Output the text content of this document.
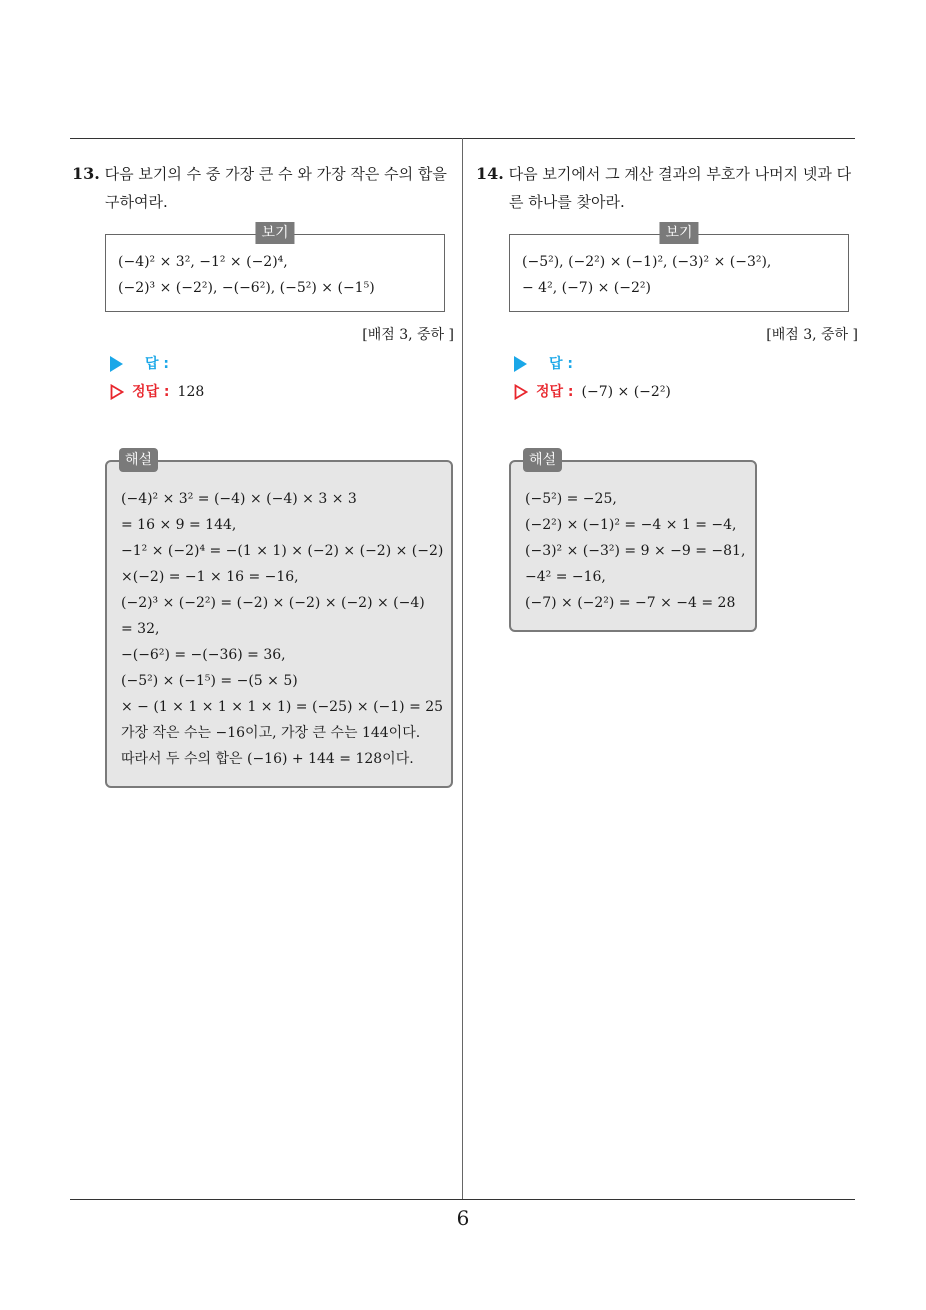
6
13. 다음 보기의 수 중 가장 큰 수 와 가장 작은 수의 합을
구하여라.
보기
(−4)² × 3², −1² × (−2)⁴,
(−2)³ × (−2²), −(−6²), (−5²) × (−1⁵)
[배점 3, 중하 ]
답 :
정답 : 128
해설
(−4)² × 3² = (−4) × (−4) × 3 × 3
= 16 × 9 = 144,
−1² × (−2)⁴ = −(1 × 1) × (−2) × (−2) × (−2)
×(−2) = −1 × 16 = −16,
(−2)³ × (−2²) = (−2) × (−2) × (−2) × (−4)
= 32,
−(−6²) = −(−36) = 36,
(−5²) × (−1⁵) = −(5 × 5)
× − (1 × 1 × 1 × 1 × 1) = (−25) × (−1) = 25
가장 작은 수는 −16이고, 가장 큰 수는 144이다.
따라서 두 수의 합은 (−16) + 144 = 128이다.
14. 다음 보기에서 그 계산 결과의 부호가 나머지 넷과 다
른 하나를 찾아라.
보기
(−5²), (−2²) × (−1)², (−3)² × (−3²),
− 4², (−7) × (−2²)
[배점 3, 중하 ]
답 :
정답 : (−7) × (−2²)
해설
(−5²) = −25,
(−2²) × (−1)² = −4 × 1 = −4,
(−3)² × (−3²) = 9 × −9 = −81,
−4² = −16,
(−7) × (−2²) = −7 × −4 = 28
